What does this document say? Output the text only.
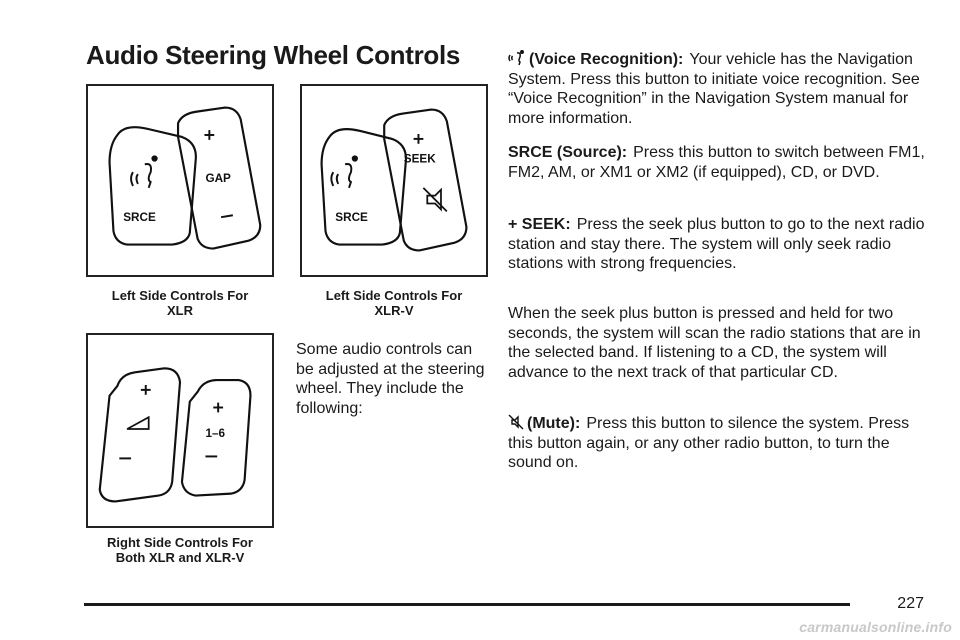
Audio Steering Wheel Controls
GAP
SRCE
Left Side Controls For
XLR
SEEK
SRCE
Left Side Controls For
XLR-V
1–6
Right Side Controls For
Both XLR and XLR-V

Some audio controls can be adjusted at the steering wheel. They include the following:

(Voice Recognition): Your vehicle has the Navigation System. Press this button to initiate voice recognition. See “Voice Recognition” in the Navigation System manual for more information.

SRCE (Source): Press this button to switch between FM1, FM2, AM, or XM1 or XM2 (if equipped), CD, or DVD.

+ SEEK: Press the seek plus button to go to the next radio station and stay there. The system will only seek radio stations with strong frequencies.

When the seek plus button is pressed and held for two seconds, the system will scan the radio stations that are in the selected band. If listening to a CD, the system will advance to the next track of that particular CD.

(Mute): Press this button to silence the system. Press this button again, or any other radio button, to turn the sound on.

227
carmanualsonline.info
